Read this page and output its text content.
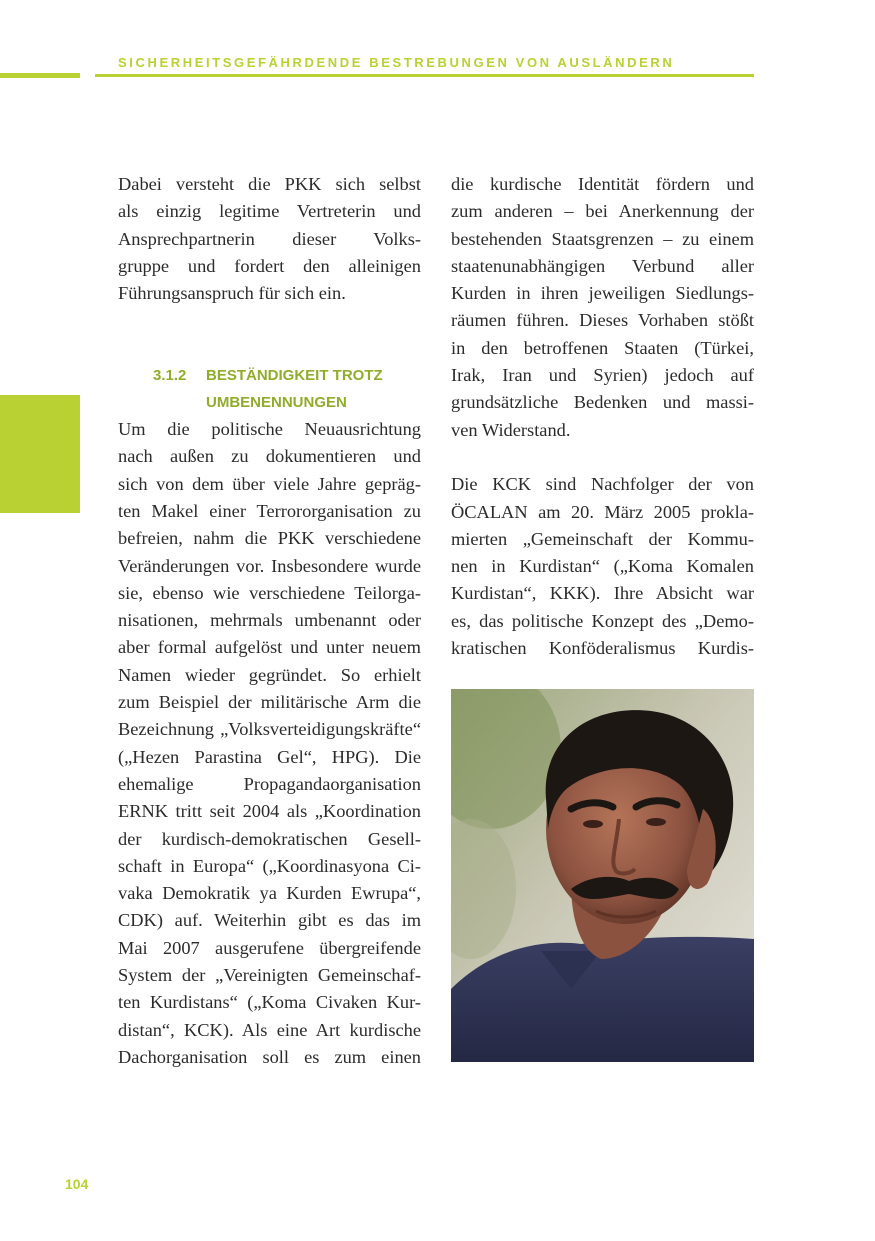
SICHERHEITSGEFÄHRDENDE BESTREBUNGEN VON AUSLÄNDERN

Dabei versteht die PKK sich selbst
als einzig legitime Vertreterin und
Ansprechpartnerin dieser Volks-
gruppe und fordert den alleinigen
Führungsanspruch für sich ein.

3.1.2	BESTÄNDIGKEIT TROTZ
UMBENENNUNGEN

Um die politische Neuausrichtung
nach außen zu dokumentieren und
sich von dem über viele Jahre gepräg-
ten Makel einer Terrororganisation zu
befreien, nahm die PKK verschiedene
Veränderungen vor. Insbesondere wurde
sie, ebenso wie verschiedene Teilorga-
nisationen, mehrmals umbenannt oder
aber formal aufgelöst und unter neuem
Namen wieder gegründet. So erhielt
zum Beispiel der militärische Arm die
Bezeichnung „Volksverteidigungskräfte“
(„Hezen Parastina Gel“, HPG). Die
ehemalige Propagandaorganisation
ERNK tritt seit 2004 als „Koordination
der kurdisch-demokratischen Gesell-
schaft in Europa“ („Koordinasyona Ci-
vaka Demokratik ya Kurden Ewrupa“,
CDK) auf. Weiterhin gibt es das im
Mai 2007 ausgerufene übergreifende
System der „Vereinigten Gemeinschaf-
ten Kurdistans“ („Koma Civaken Kur-
distan“, KCK). Als eine Art kurdische
Dachorganisation soll es zum einen

die kurdische Identität fördern und
zum anderen – bei Anerkennung der
bestehenden Staatsgrenzen – zu einem
staatenunabhängigen Verbund aller
Kurden in ihren jeweiligen Siedlungs-
räumen führen. Dieses Vorhaben stößt
in den betroffenen Staaten (Türkei,
Irak, Iran und Syrien) jedoch auf
grundsätzliche Bedenken und massi-
ven Widerstand.

Die KCK sind Nachfolger der von
ÖCALAN am 20. März 2005 prokla-
mierten „Gemeinschaft der Kommu-
nen in Kurdistan“ („Koma Komalen
Kurdistan“, KKK). Ihre Absicht war
es, das politische Konzept des „Demo-
kratischen Konföderalismus Kurdis-

104
